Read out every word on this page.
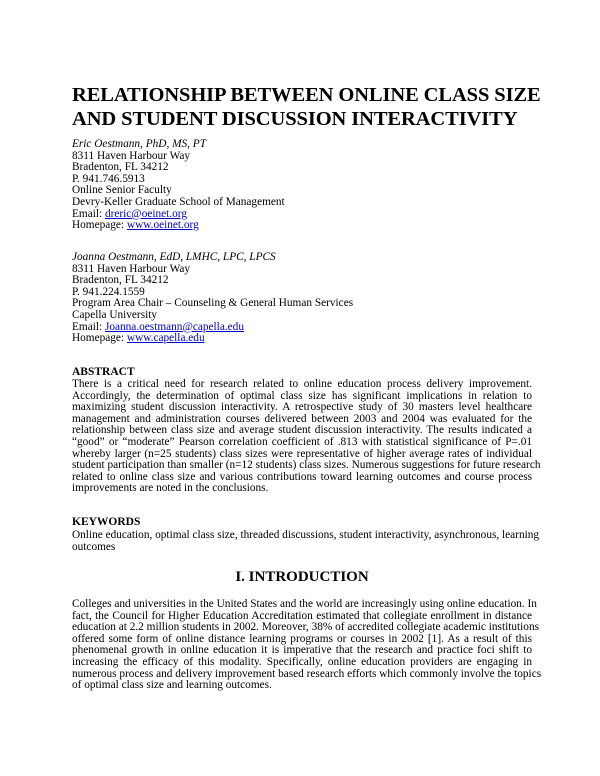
RELATIONSHIP BETWEEN ONLINE CLASS SIZE
AND STUDENT DISCUSSION INTERACTIVITY
Eric Oestmann, PhD, MS, PT
8311 Haven Harbour Way
Bradenton, FL 34212
P. 941.746.5913
Online Senior Faculty
Devry-Keller Graduate School of Management
Email: dreric@oeinet.org
Homepage: www.oeinet.org
Joanna Oestmann, EdD, LMHC, LPC, LPCS
8311 Haven Harbour Way
Bradenton, FL 34212
P. 941.224.1559
Program Area Chair – Counseling & General Human Services
Capella University
Email: Joanna.oestmann@capella.edu
Homepage: www.capella.edu
ABSTRACT
There is a critical need for research related to online education process delivery improvement.
Accordingly, the determination of optimal class size has significant implications in relation to
maximizing student discussion interactivity. A retrospective study of 30 masters level healthcare
management and administration courses delivered between 2003 and 2004 was evaluated for the
relationship between class size and average student discussion interactivity. The results indicated a
“good” or “moderate” Pearson correlation coefficient of .813 with statistical significance of P=.01
whereby larger (n=25 students) class sizes were representative of higher average rates of individual
student participation than smaller (n=12 students) class sizes. Numerous suggestions for future research
related to online class size and various contributions toward learning outcomes and course process
improvements are noted in the conclusions.
KEYWORDS
Online education, optimal class size, threaded discussions, student interactivity, asynchronous, learning
outcomes
I. INTRODUCTION
Colleges and universities in the United States and the world are increasingly using online education. In
fact, the Council for Higher Education Accreditation estimated that collegiate enrollment in distance
education at 2.2 million students in 2002. Moreover, 38% of accredited collegiate academic institutions
offered some form of online distance learning programs or courses in 2002 [1]. As a result of this
phenomenal growth in online education it is imperative that the research and practice foci shift to
increasing the efficacy of this modality. Specifically, online education providers are engaging in
numerous process and delivery improvement based research efforts which commonly involve the topics
of optimal class size and learning outcomes.
